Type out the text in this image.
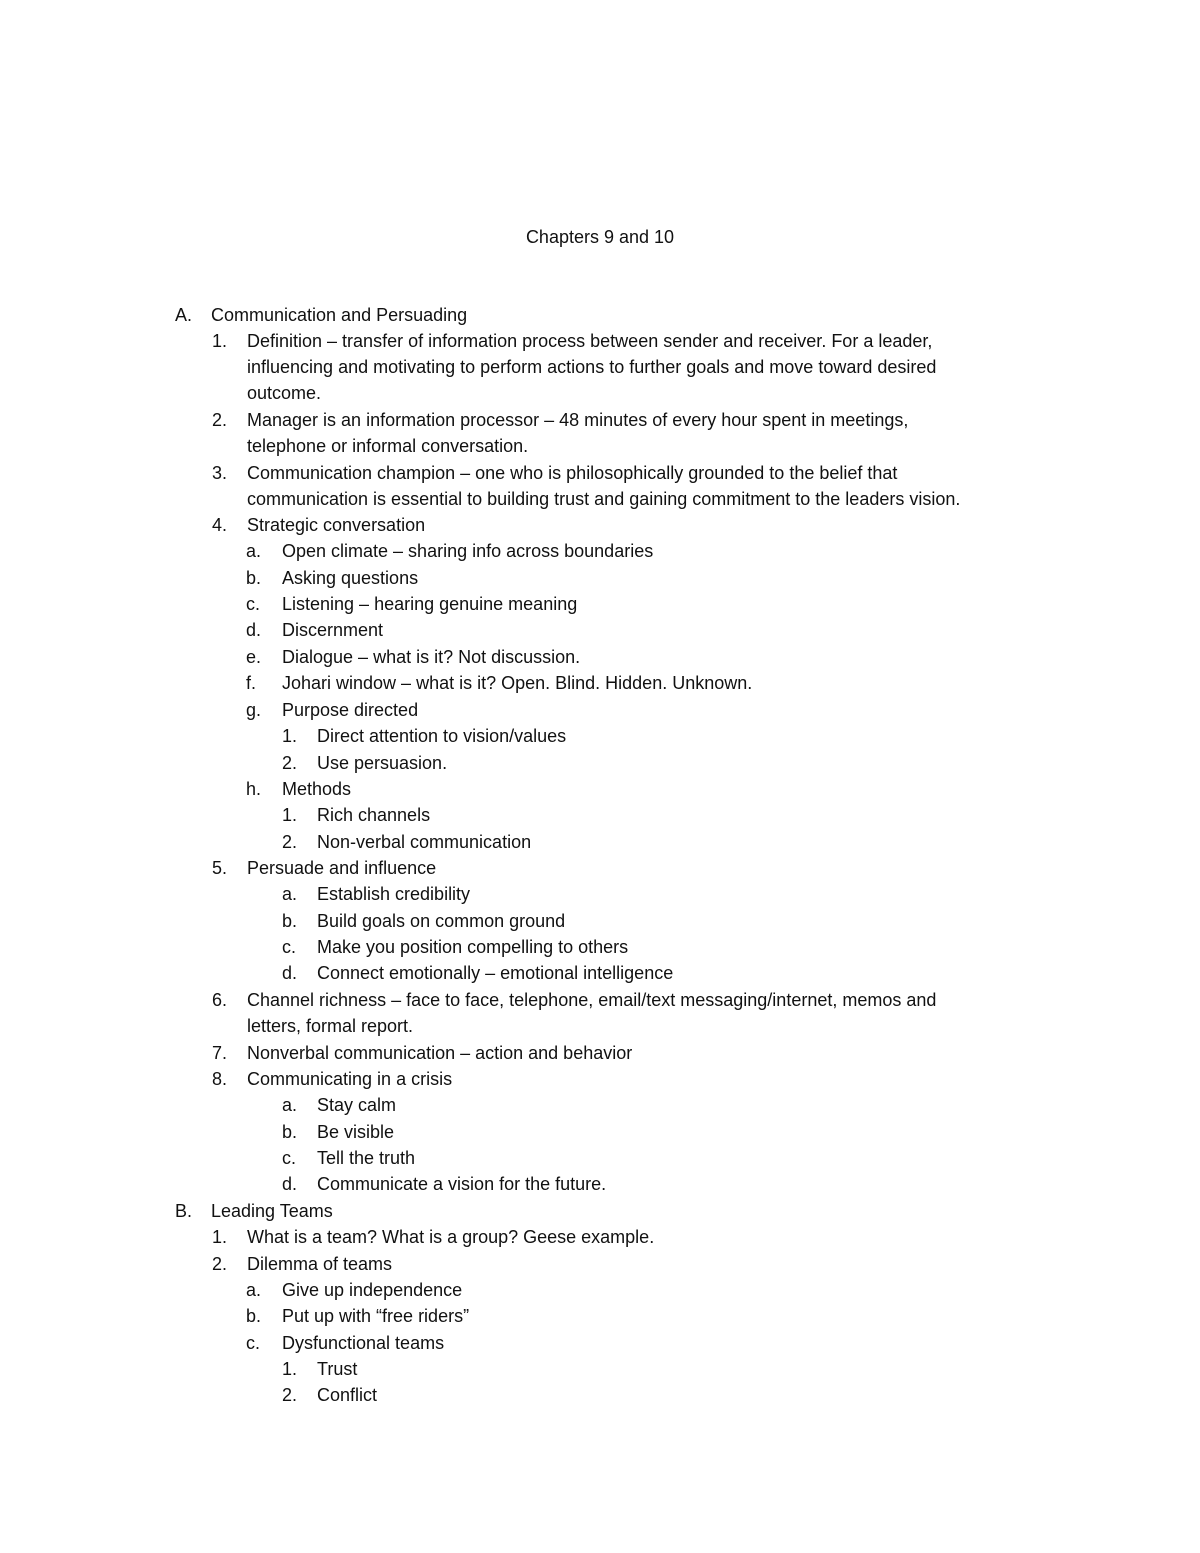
Chapters 9 and 10
A. Communication and Persuading
1. Definition – transfer of information process between sender and receiver. For a leader,
influencing and motivating to perform actions to further goals and move toward desired
outcome.
2. Manager is an information processor – 48 minutes of every hour spent in meetings,
telephone or informal conversation.
3. Communication champion – one who is philosophically grounded to the belief that
communication is essential to building trust and gaining commitment to the leaders vision.
4. Strategic conversation
a. Open climate – sharing info across boundaries
b. Asking questions
c. Listening – hearing genuine meaning
d. Discernment
e. Dialogue – what is it? Not discussion.
f. Johari window – what is it? Open. Blind. Hidden. Unknown.
g. Purpose directed
1. Direct attention to vision/values
2. Use persuasion.
h. Methods
1. Rich channels
2. Non-verbal communication
5. Persuade and influence
a. Establish credibility
b. Build goals on common ground
c. Make you position compelling to others
d. Connect emotionally – emotional intelligence
6. Channel richness – face to face, telephone, email/text messaging/internet, memos and
letters, formal report.
7. Nonverbal communication – action and behavior
8. Communicating in a crisis
a. Stay calm
b. Be visible
c. Tell the truth
d. Communicate a vision for the future.
B. Leading Teams
1. What is a team? What is a group? Geese example.
2. Dilemma of teams
a. Give up independence
b. Put up with “free riders”
c. Dysfunctional teams
1. Trust
2. Conflict
